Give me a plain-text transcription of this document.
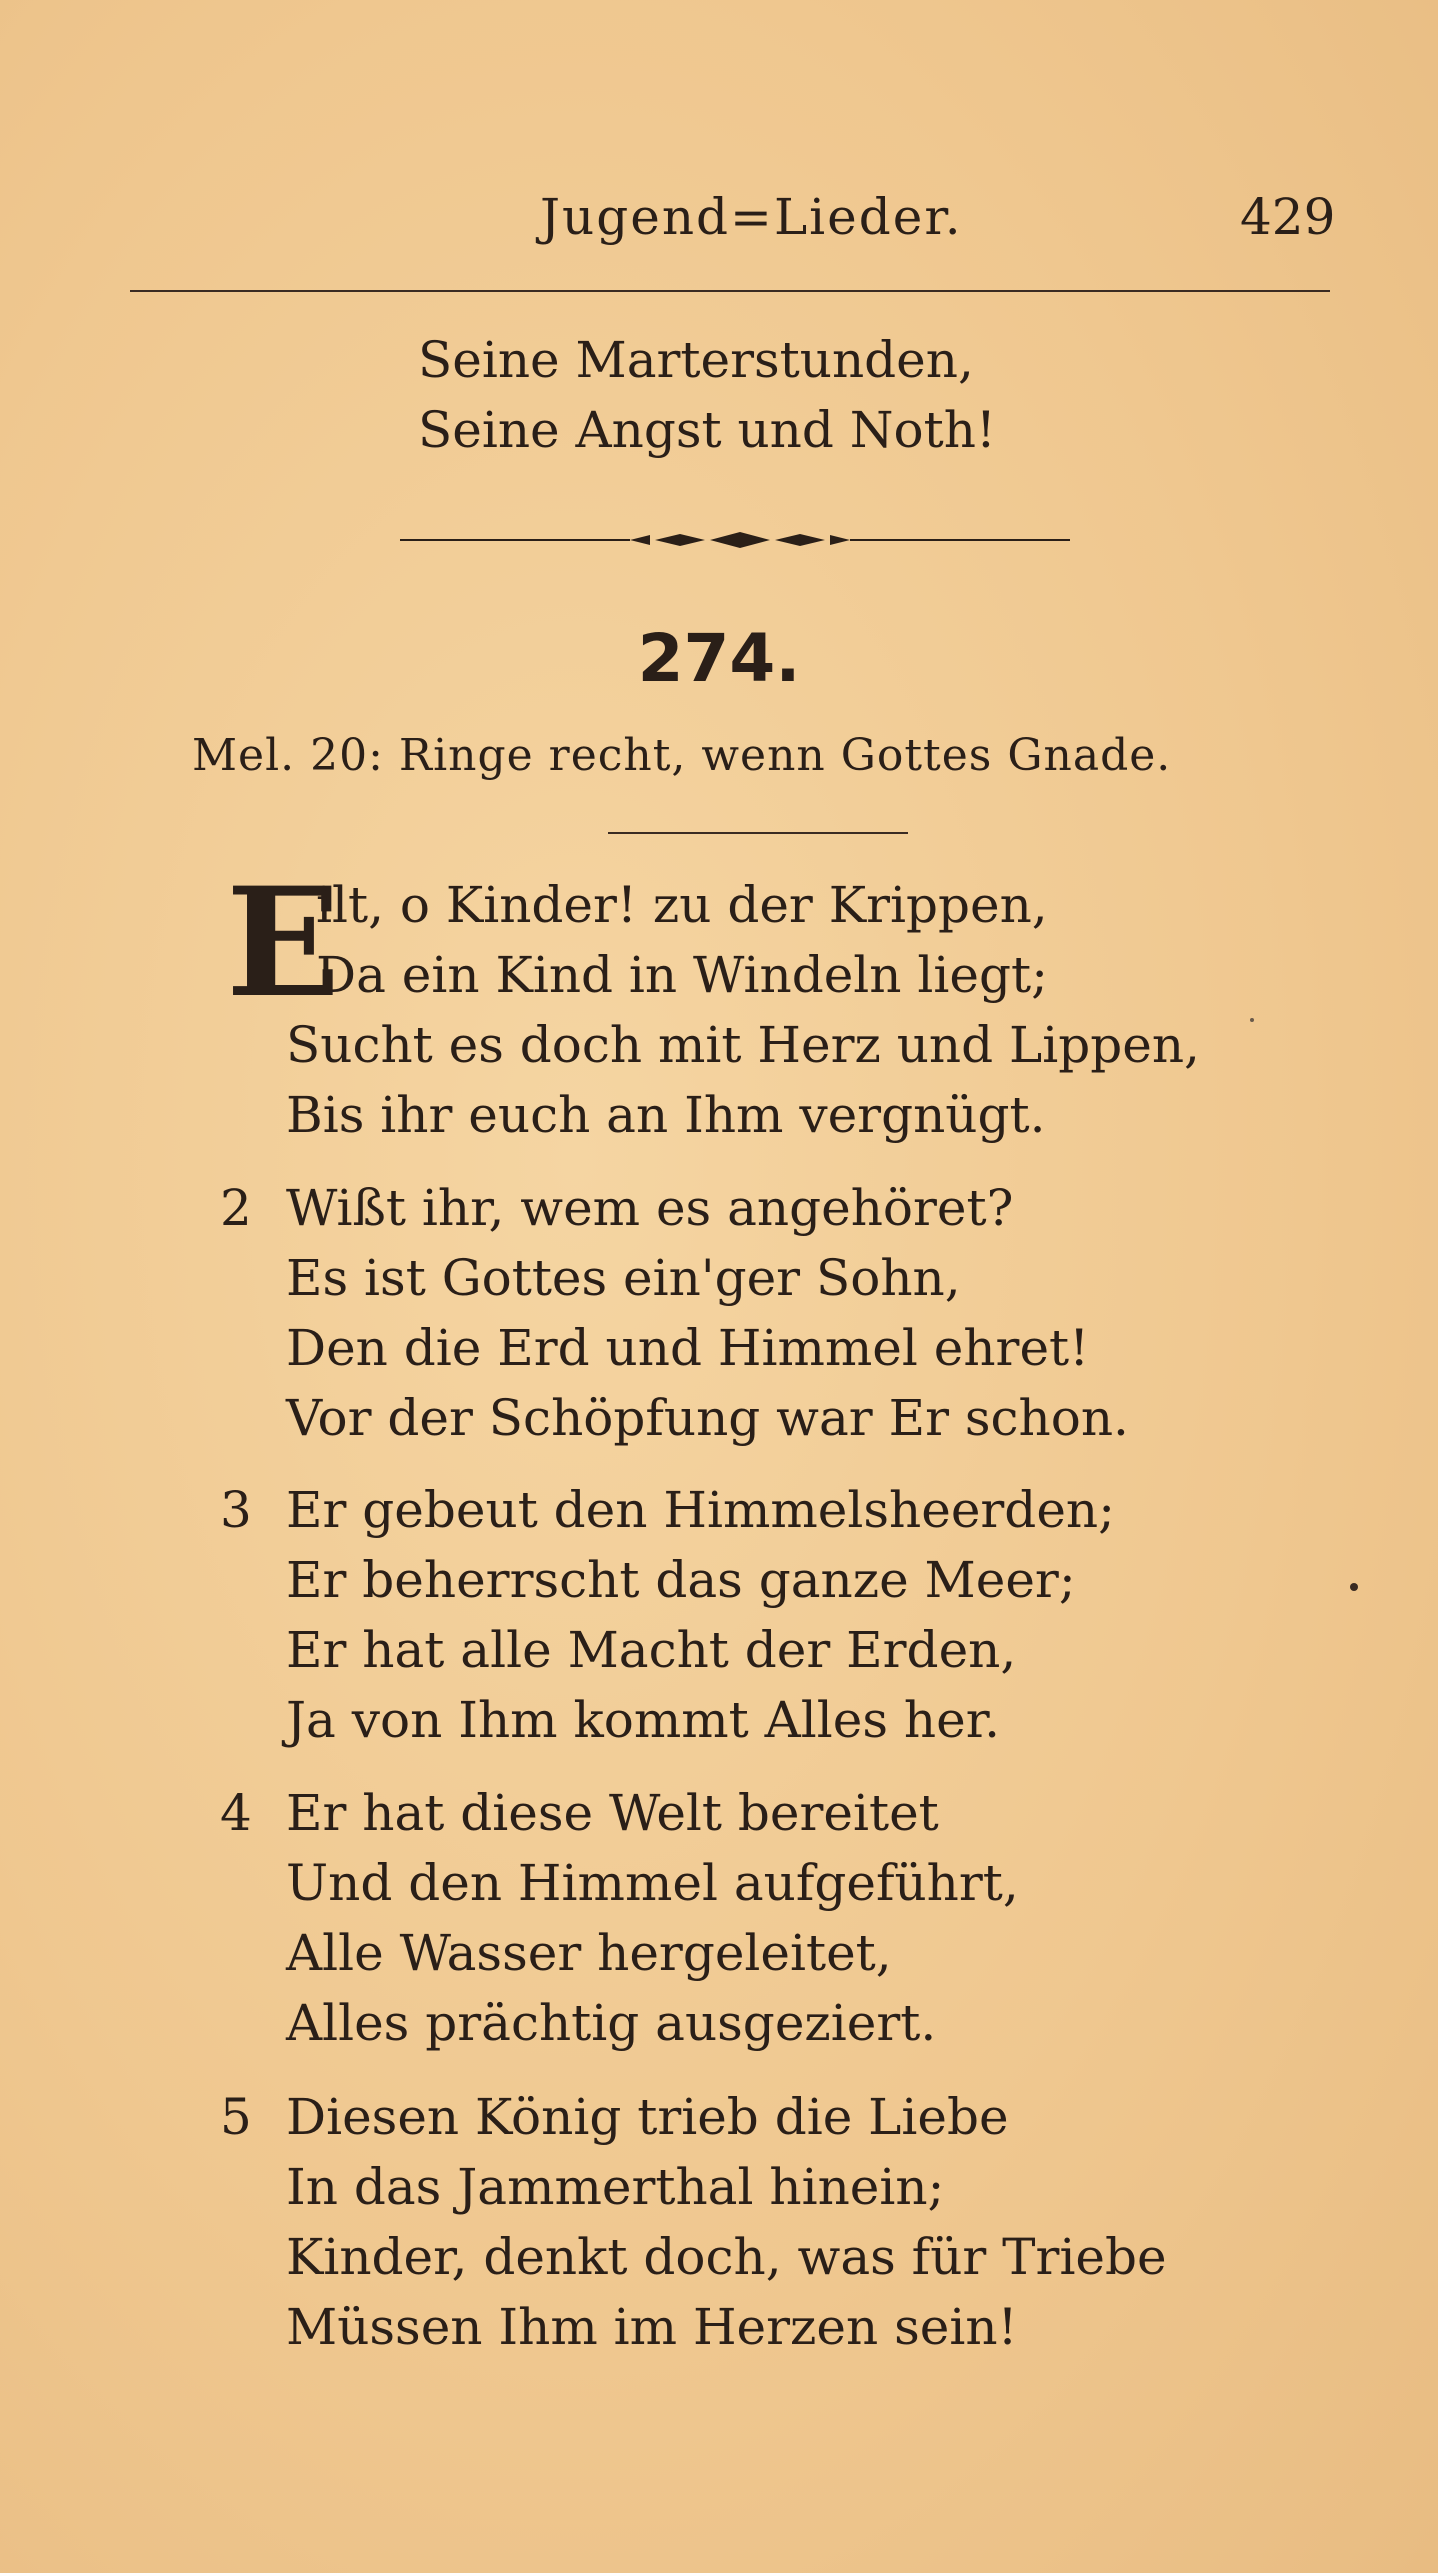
Jugend=Lieder.	429
Seine Marterstunden,
Seine Angst und Noth!
274.
Mel. 20: Ringe recht, wenn Gottes Gnade.
E
ilt, o Kinder! zu der Krippen,
Da ein Kind in Windeln liegt;
Sucht es doch mit Herz und Lippen,
Bis ihr euch an Ihm vergnügt.
2 Wißt ihr, wem es angehöret?
Es ist Gottes ein'ger Sohn,
Den die Erd und Himmel ehret!
Vor der Schöpfung war Er schon.
3 Er gebeut den Himmelsheerden;
Er beherrscht das ganze Meer;
Er hat alle Macht der Erden,
Ja von Ihm kommt Alles her.
4 Er hat diese Welt bereitet
Und den Himmel aufgeführt,
Alle Wasser hergeleitet,
Alles prächtig ausgeziert.
5 Diesen König trieb die Liebe
In das Jammerthal hinein;
Kinder, denkt doch, was für Triebe
Müssen Ihm im Herzen sein!
